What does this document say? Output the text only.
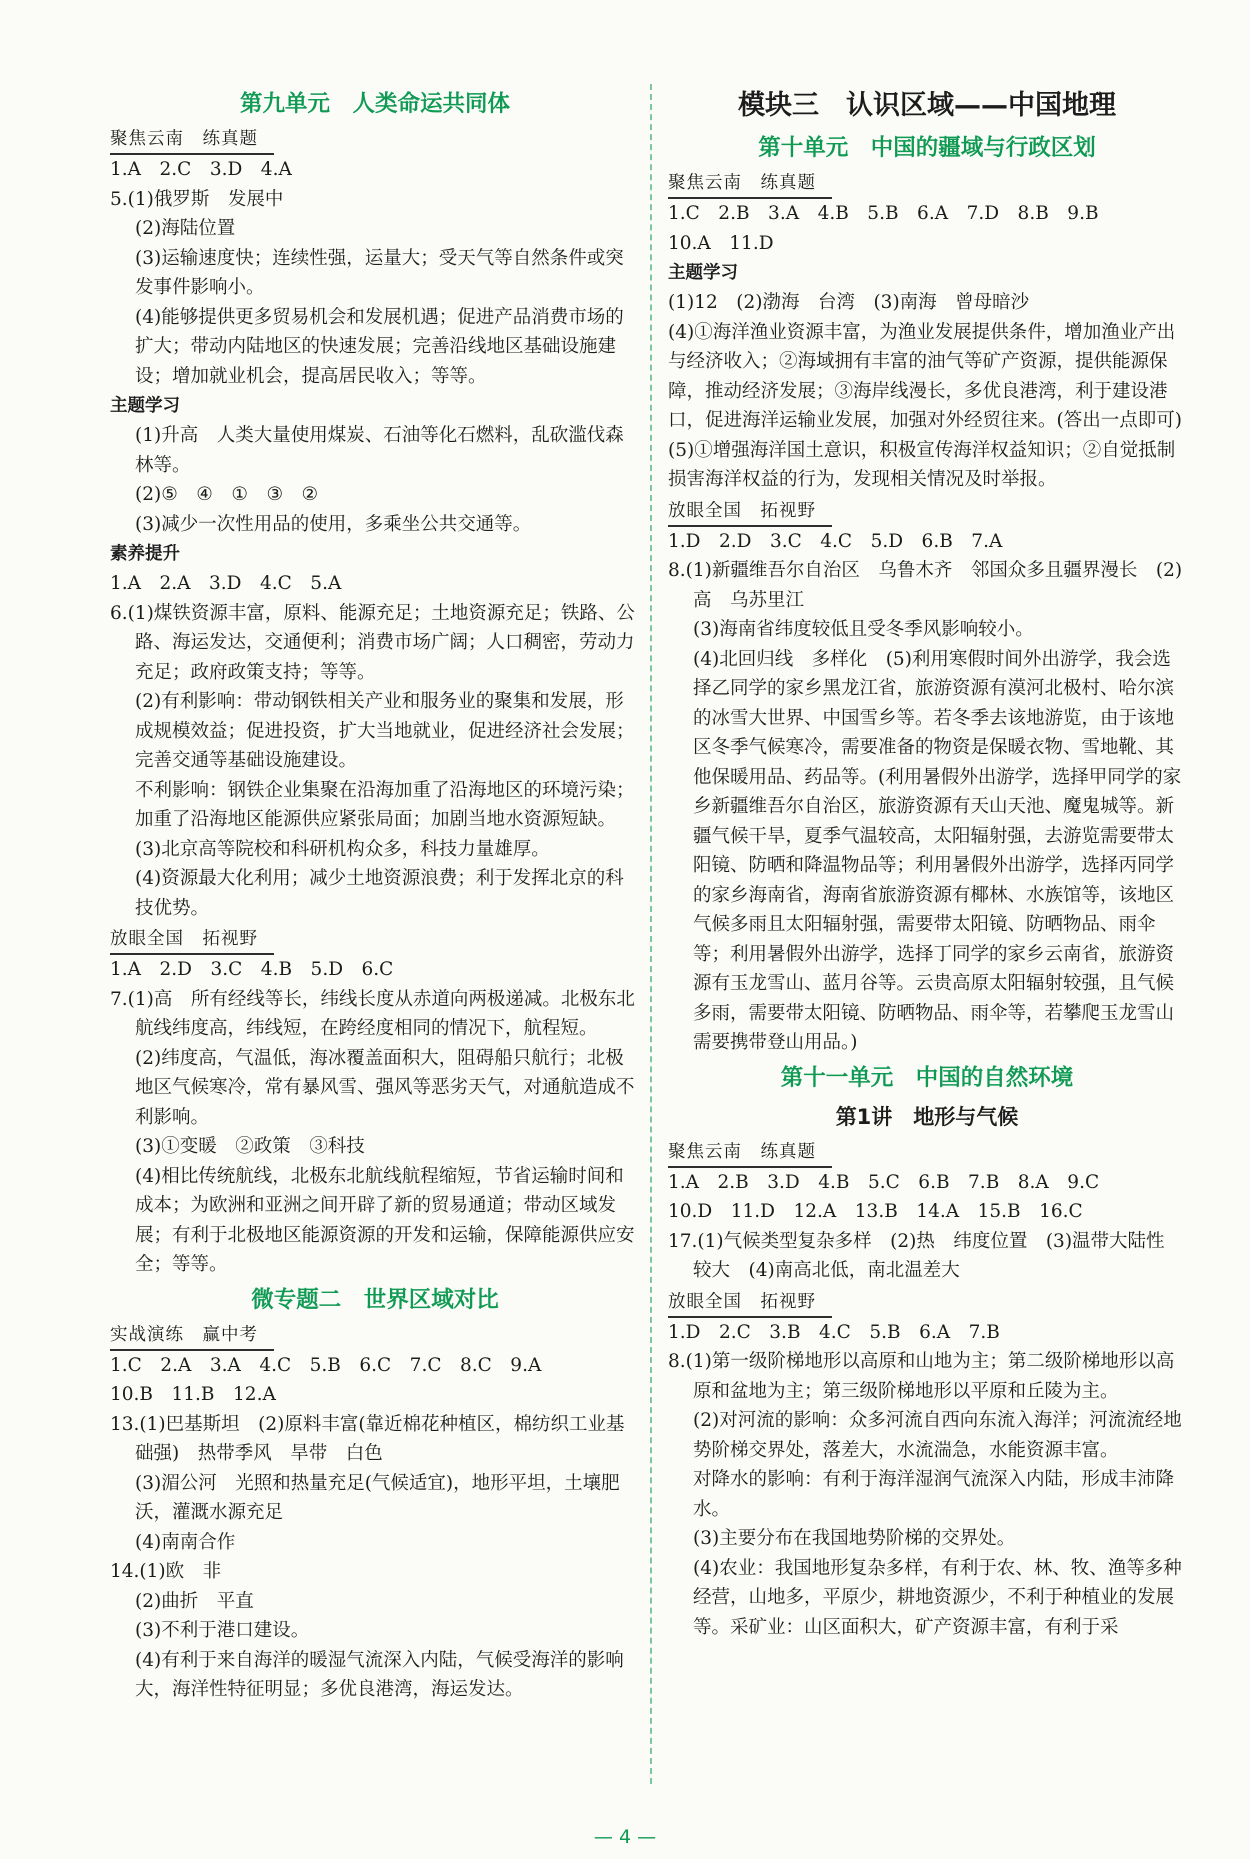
第九单元　人类命运共同体
聚焦云南　练真题
1.A　2.C　3.D　4.A
5.(1)俄罗斯　发展中
(2)海陆位置
(3)运输速度快；连续性强，运量大；受天气等自然条件或突发事件影响小。
(4)能够提供更多贸易机会和发展机遇；促进产品消费市场的扩大；带动内陆地区的快速发展；完善沿线地区基础设施建设；增加就业机会，提高居民收入；等等。
主题学习
(1)升高　人类大量使用煤炭、石油等化石燃料，乱砍滥伐森林等。
(2)⑤　④　①　③　②
(3)减少一次性用品的使用，多乘坐公共交通等。
素养提升
1.A　2.A　3.D　4.C　5.A
6.(1)煤铁资源丰富，原料、能源充足；土地资源充足；铁路、公路、海运发达，交通便利；消费市场广阔；人口稠密，劳动力充足；政府政策支持；等等。
(2)有利影响：带动钢铁相关产业和服务业的聚集和发展，形成规模效益；促进投资，扩大当地就业，促进经济社会发展；完善交通等基础设施建设。
不利影响：钢铁企业集聚在沿海加重了沿海地区的环境污染；加重了沿海地区能源供应紧张局面；加剧当地水资源短缺。
(3)北京高等院校和科研机构众多，科技力量雄厚。
(4)资源最大化利用；减少土地资源浪费；利于发挥北京的科技优势。
放眼全国　拓视野
1.A　2.D　3.C　4.B　5.D　6.C
7.(1)高　所有经线等长，纬线长度从赤道向两极递减。北极东北航线纬度高，纬线短，在跨经度相同的情况下，航程短。
(2)纬度高，气温低，海冰覆盖面积大，阻碍船只航行；北极地区气候寒冷，常有暴风雪、强风等恶劣天气，对通航造成不利影响。
(3)①变暖　②政策　③科技
(4)相比传统航线，北极东北航线航程缩短，节省运输时间和成本；为欧洲和亚洲之间开辟了新的贸易通道；带动区域发展；有利于北极地区能源资源的开发和运输，保障能源供应安全；等等。
微专题二　世界区域对比
实战演练　赢中考
1.C　2.A　3.A　4.C　5.B　6.C　7.C　8.C　9.A
10.B　11.B　12.A
13.(1)巴基斯坦　(2)原料丰富(靠近棉花种植区，棉纺织工业基础强)　热带季风　旱带　白色
(3)湄公河　光照和热量充足(气候适宜)，地形平坦，土壤肥沃，灌溉水源充足
(4)南南合作
14.(1)欧　非
(2)曲折　平直
(3)不利于港口建设。
(4)有利于来自海洋的暖湿气流深入内陆，气候受海洋的影响大，海洋性特征明显；多优良港湾，海运发达。
模块三　认识区域——中国地理
第十单元　中国的疆域与行政区划
聚焦云南　练真题
1.C　2.B　3.A　4.B　5.B　6.A　7.D　8.B　9.B
10.A　11.D
主题学习
(1)12　(2)渤海　台湾　(3)南海　曾母暗沙
(4)①海洋渔业资源丰富，为渔业发展提供条件，增加渔业产出与经济收入；②海域拥有丰富的油气等矿产资源，提供能源保障，推动经济发展；③海岸线漫长，多优良港湾，利于建设港口，促进海洋运输业发展，加强对外经贸往来。(答出一点即可)
(5)①增强海洋国土意识，积极宣传海洋权益知识；②自觉抵制损害海洋权益的行为，发现相关情况及时举报。
放眼全国　拓视野
1.D　2.D　3.C　4.C　5.D　6.B　7.A
8.(1)新疆维吾尔自治区　乌鲁木齐　邻国众多且疆界漫长　(2)高　乌苏里江
(3)海南省纬度较低且受冬季风影响较小。
(4)北回归线　多样化　(5)利用寒假时间外出游学，我会选择乙同学的家乡黑龙江省，旅游资源有漠河北极村、哈尔滨的冰雪大世界、中国雪乡等。若冬季去该地游览，由于该地区冬季气候寒冷，需要准备的物资是保暖衣物、雪地靴、其他保暖用品、药品等。(利用暑假外出游学，选择甲同学的家乡新疆维吾尔自治区，旅游资源有天山天池、魔鬼城等。新疆气候干旱，夏季气温较高，太阳辐射强，去游览需要带太阳镜、防晒和降温物品等；利用暑假外出游学，选择丙同学的家乡海南省，海南省旅游资源有椰林、水族馆等，该地区气候多雨且太阳辐射强，需要带太阳镜、防晒物品、雨伞等；利用暑假外出游学，选择丁同学的家乡云南省，旅游资源有玉龙雪山、蓝月谷等。云贵高原太阳辐射较强，且气候多雨，需要带太阳镜、防晒物品、雨伞等，若攀爬玉龙雪山需要携带登山用品。)
第十一单元　中国的自然环境
第1讲　地形与气候
聚焦云南　练真题
1.A　2.B　3.D　4.B　5.C　6.B　7.B　8.A　9.C
10.D　11.D　12.A　13.B　14.A　15.B　16.C
17.(1)气候类型复杂多样　(2)热　纬度位置　(3)温带大陆性　较大　(4)南高北低，南北温差大
放眼全国　拓视野
1.D　2.C　3.B　4.C　5.B　6.A　7.B
8.(1)第一级阶梯地形以高原和山地为主；第二级阶梯地形以高原和盆地为主；第三级阶梯地形以平原和丘陵为主。
(2)对河流的影响：众多河流自西向东流入海洋；河流流经地势阶梯交界处，落差大，水流湍急，水能资源丰富。
对降水的影响：有利于海洋湿润气流深入内陆，形成丰沛降水。
(3)主要分布在我国地势阶梯的交界处。
(4)农业：我国地形复杂多样，有利于农、林、牧、渔等多种经营，山地多，平原少，耕地资源少，不利于种植业的发展等。采矿业：山区面积大，矿产资源丰富，有利于采
— 4 —
